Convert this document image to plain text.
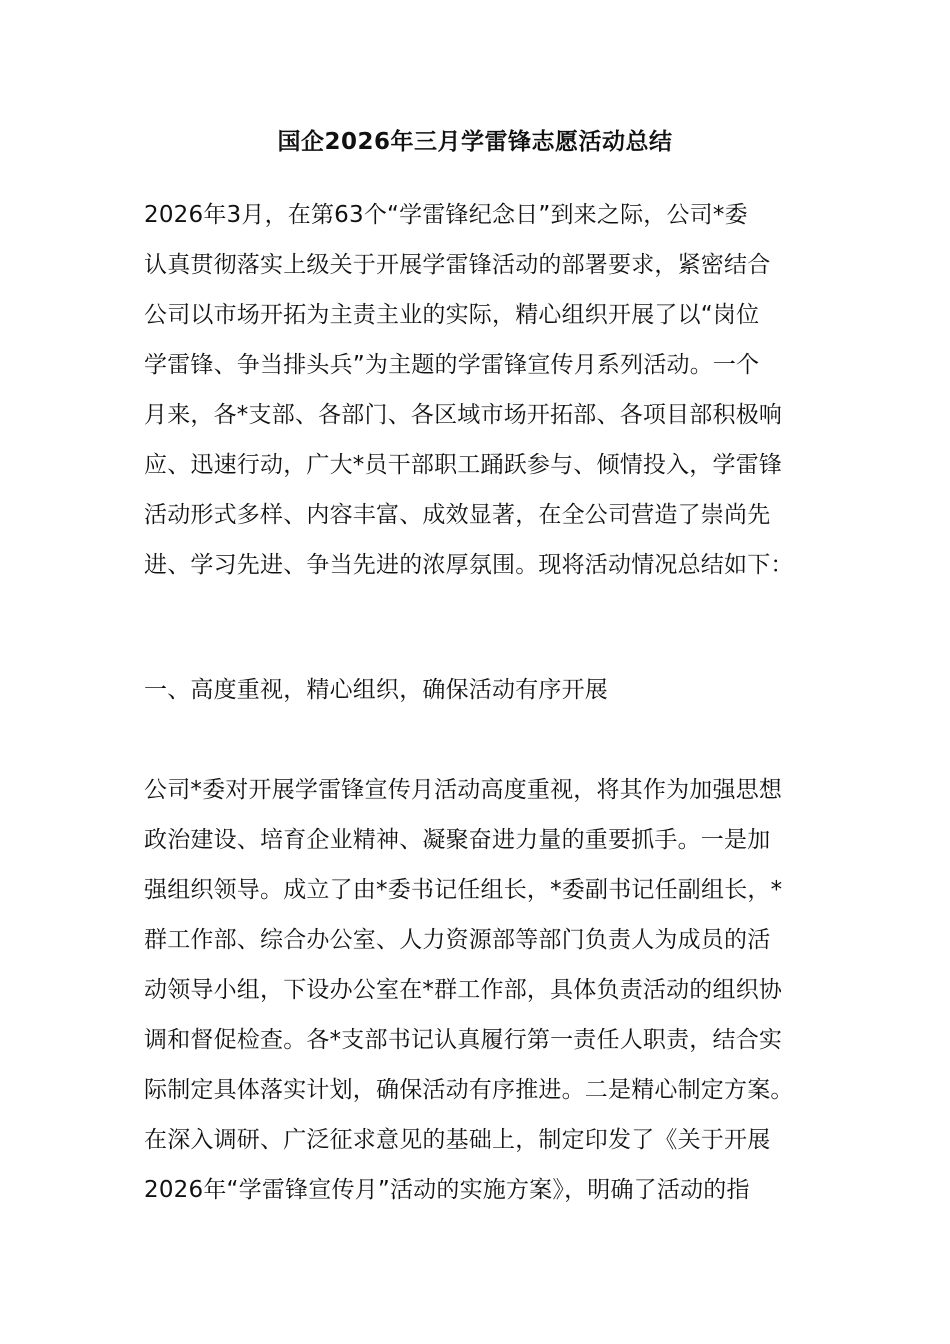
国企2026年三月学雷锋志愿活动总结
2026年3月，在第63个“学雷锋纪念日”到来之际，公司*委
认真贯彻落实上级关于开展学雷锋活动的部署要求，紧密结合
公司以市场开拓为主责主业的实际，精心组织开展了以“岗位
学雷锋、争当排头兵”为主题的学雷锋宣传月系列活动。一个
月来，各*支部、各部门、各区域市场开拓部、各项目部积极响
应、迅速行动，广大*员干部职工踊跃参与、倾情投入，学雷锋
活动形式多样、内容丰富、成效显著，在全公司营造了崇尚先
进、学习先进、争当先进的浓厚氛围。现将活动情况总结如下：
一、高度重视，精心组织，确保活动有序开展
公司*委对开展学雷锋宣传月活动高度重视，将其作为加强思想
政治建设、培育企业精神、凝聚奋进力量的重要抓手。一是加
强组织领导。成立了由*委书记任组长，*委副书记任副组长，*
群工作部、综合办公室、人力资源部等部门负责人为成员的活
动领导小组，下设办公室在*群工作部，具体负责活动的组织协
调和督促检查。各*支部书记认真履行第一责任人职责，结合实
际制定具体落实计划，确保活动有序推进。二是精心制定方案。
在深入调研、广泛征求意见的基础上，制定印发了《关于开展
2026年“学雷锋宣传月”活动的实施方案》，明确了活动的指
